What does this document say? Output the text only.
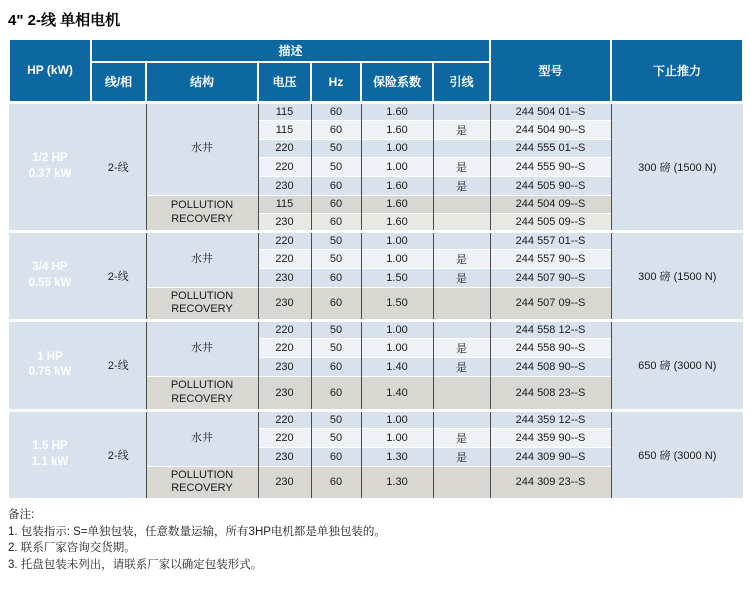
4" 2-线 单相电机
HP (kW)	描述						型号	下止推力
	线/相	结构	电压	Hz	保险系数	引线		

1/2 HP
0.37 kW	2-线	水井	115	60	1.60		244 504 01--S	300 磅 (1500 N)
			115	60	1.60	是	244 504 90--S	
			220	50	1.00		244 555 01--S	
			220	50	1.00	是	244 555 90--S	
			230	60	1.60	是	244 505 90--S	
		POLLUTION RECOVERY	115	60	1.60		244 504 09--S	
			230	60	1.60		244 505 09--S	

3/4 HP
0.55 kW	2-线	水井	220	50	1.00		244 557 01--S	300 磅 (1500 N)
			220	50	1.00	是	244 557 90--S	
			230	60	1.50	是	244 507 90--S	
		POLLUTION RECOVERY	230	60	1.50		244 507 09--S	

1 HP
0.75 kW	2-线	水井	220	50	1.00		244 558 12--S	650 磅 (3000 N)
			220	50	1.00	是	244 558 90--S	
			230	60	1.40	是	244 508 90--S	
		POLLUTION RECOVERY	230	60	1.40		244 508 23--S	

1.5 HP
1.1 kW	2-线	水井	220	50	1.00		244 359 12--S	650 磅 (3000 N)
			220	50	1.00	是	244 359 90--S	
			230	60	1.30	是	244 309 90--S	
		POLLUTION RECOVERY	230	60	1.30		244 309 23--S	
备注:
1. 包装指示: S=单独包装，任意数量运输，所有3HP电机都是单独包装的。
2. 联系厂家咨询交货期。
3. 托盘包装未列出，请联系厂家以确定包装形式。
